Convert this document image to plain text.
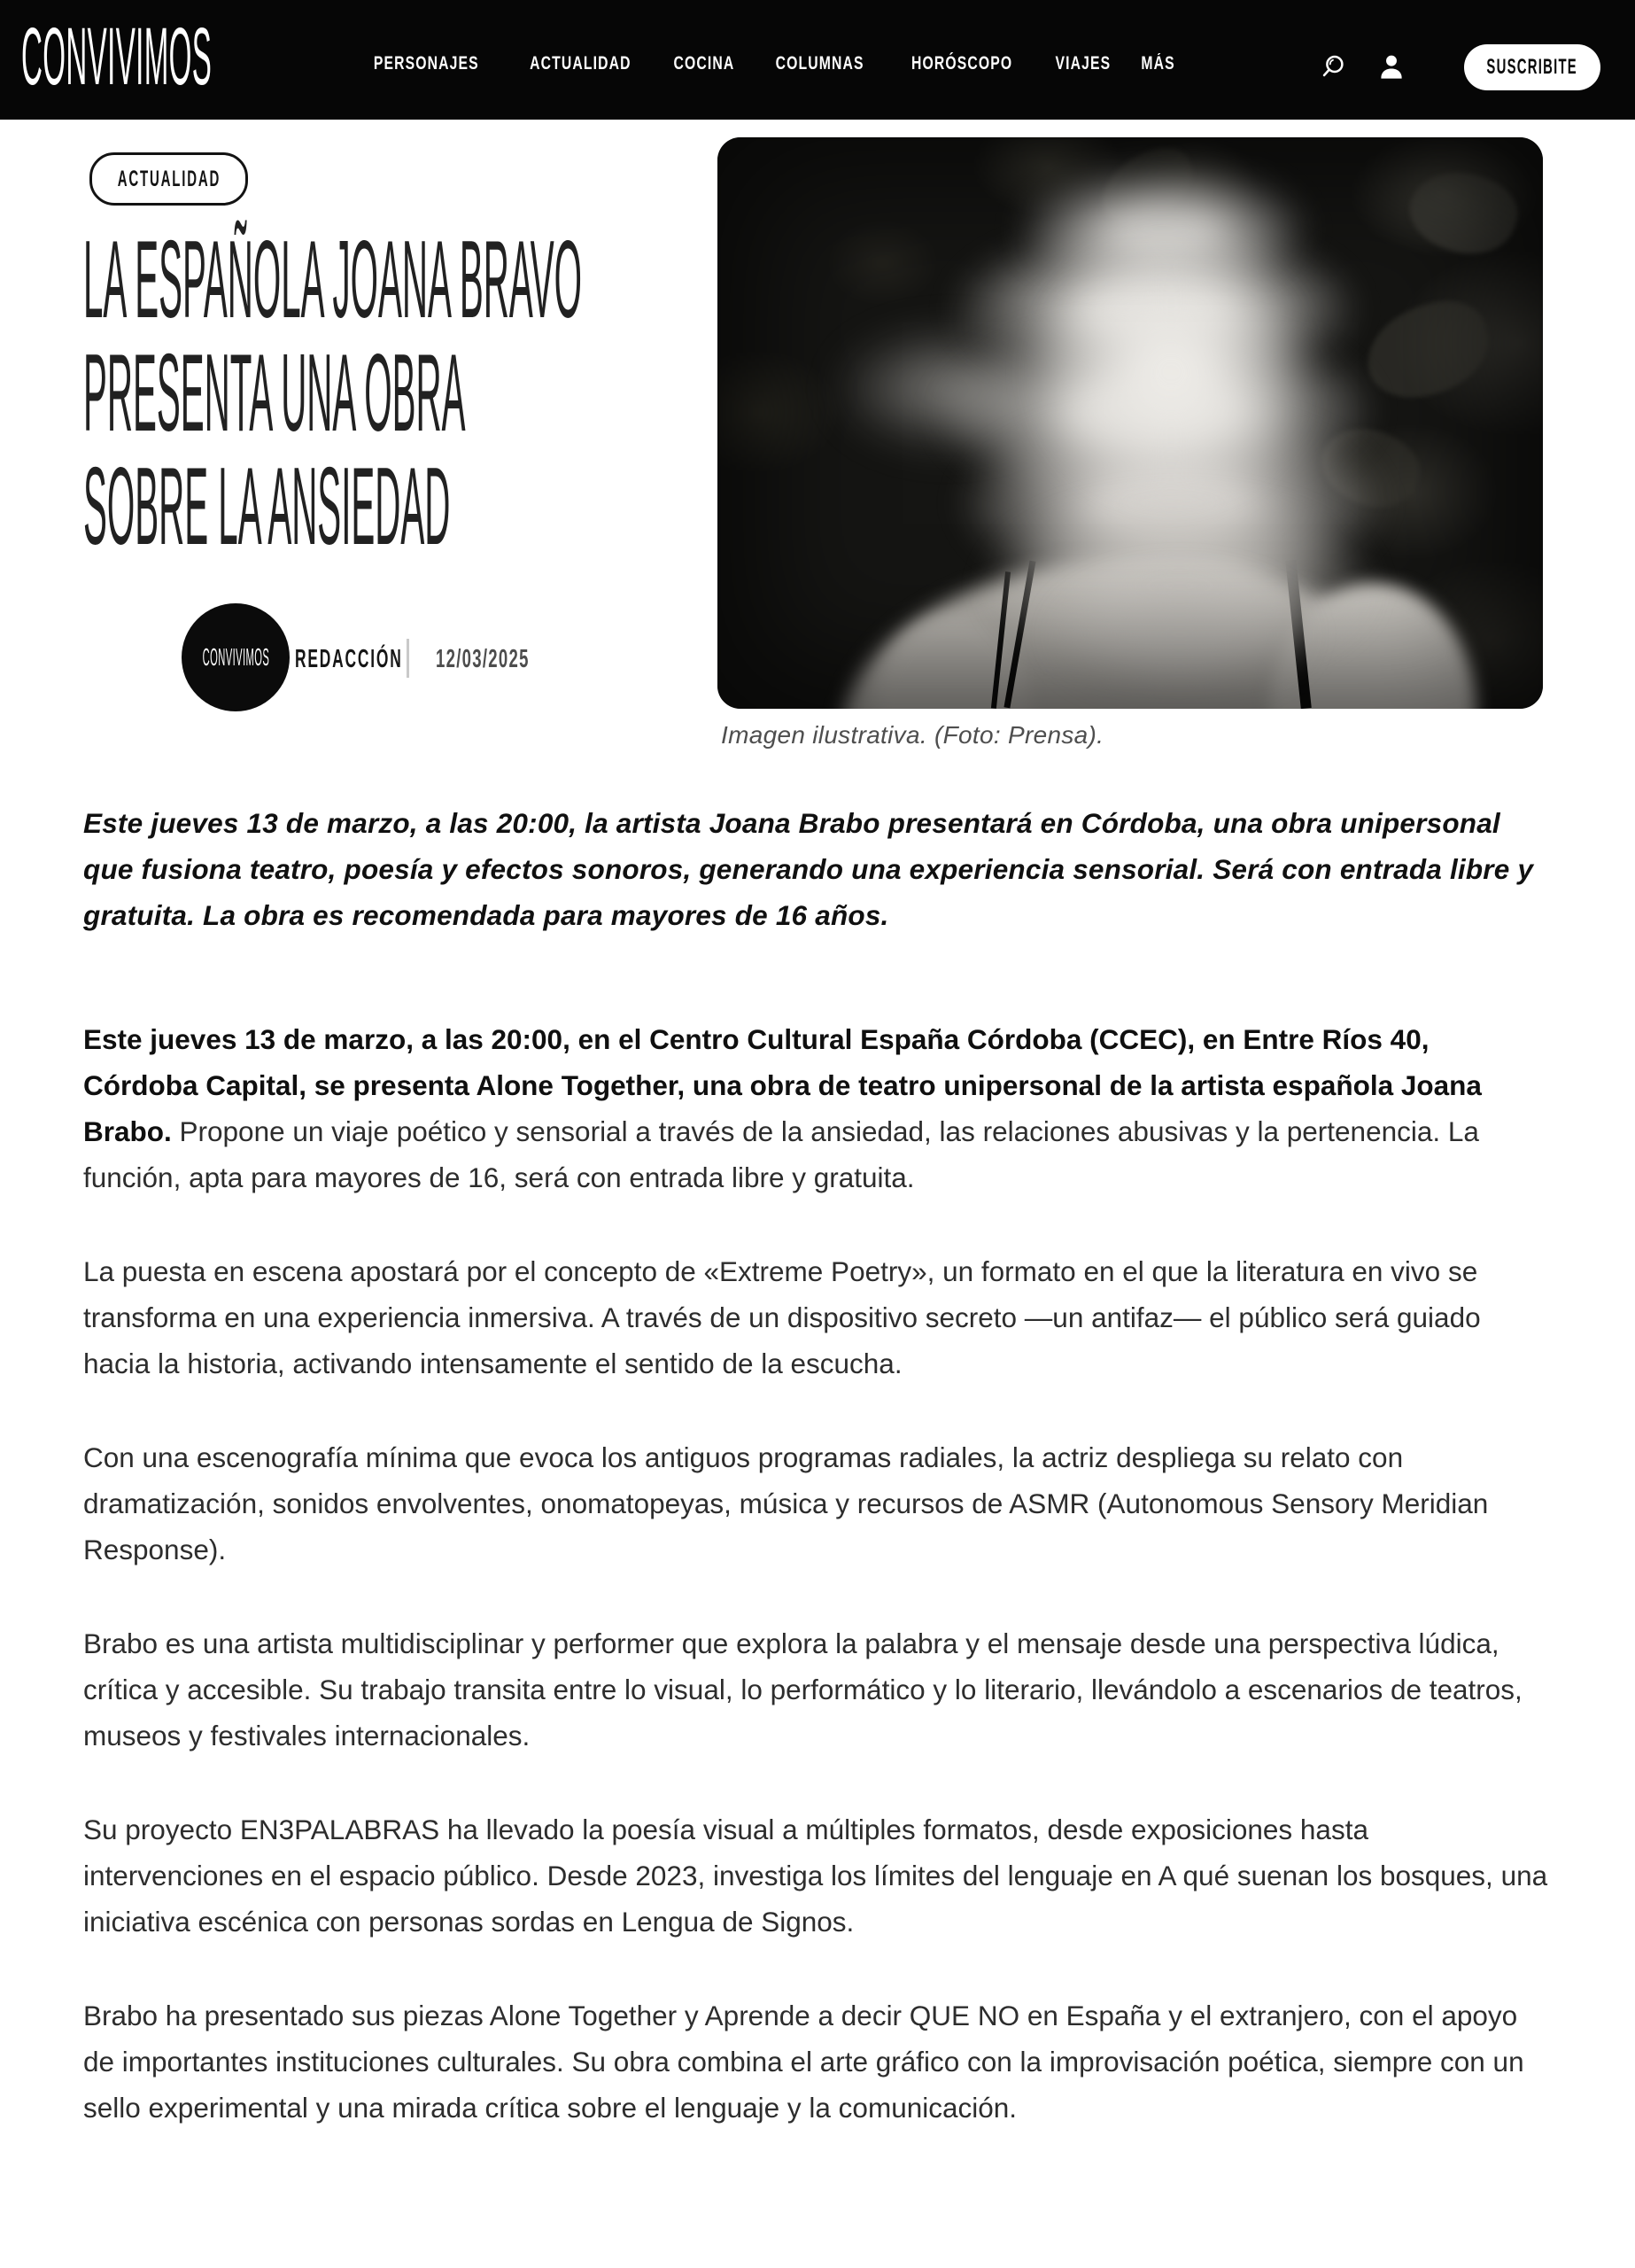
CONVIVIMOS	PERSONAJES	ACTUALIDAD	COCINA	COLUMNAS	HORÓSCOPO	VIAJES	MÁS	SUSCRIBITE
ACTUALIDAD
LA ESPAÑOLA JOANA BRAVO
PRESENTA UNA OBRA
SOBRE LA ANSIEDAD
CONVIVIMOS REDACCIÓN 12/03/2025
Imagen ilustrativa. (Foto: Prensa).

Este jueves 13 de marzo, a las 20:00, la artista Joana Brabo presentará en Córdoba, una obra unipersonal que fusiona teatro, poesía y efectos sonoros, generando una experiencia sensorial. Será con entrada libre y gratuita. La obra es recomendada para mayores de 16 años.

Este jueves 13 de marzo, a las 20:00, en el Centro Cultural España Córdoba (CCEC), en Entre Ríos 40, Córdoba Capital, se presenta Alone Together, una obra de teatro unipersonal de la artista española Joana Brabo. Propone un viaje poético y sensorial a través de la ansiedad, las relaciones abusivas y la pertenencia. La función, apta para mayores de 16, será con entrada libre y gratuita.

La puesta en escena apostará por el concepto de «Extreme Poetry», un formato en el que la literatura en vivo se transforma en una experiencia inmersiva. A través de un dispositivo secreto —un antifaz— el público será guiado hacia la historia, activando intensamente el sentido de la escucha.

Con una escenografía mínima que evoca los antiguos programas radiales, la actriz despliega su relato con dramatización, sonidos envolventes, onomatopeyas, música y recursos de ASMR (Autonomous Sensory Meridian Response).

Brabo es una artista multidisciplinar y performer que explora la palabra y el mensaje desde una perspectiva lúdica, crítica y accesible. Su trabajo transita entre lo visual, lo performático y lo literario, llevándolo a escenarios de teatros, museos y festivales internacionales.

Su proyecto EN3PALABRAS ha llevado la poesía visual a múltiples formatos, desde exposiciones hasta intervenciones en el espacio público. Desde 2023, investiga los límites del lenguaje en A qué suenan los bosques, una iniciativa escénica con personas sordas en Lengua de Signos.

Brabo ha presentado sus piezas Alone Together y Aprende a decir QUE NO en España y el extranjero, con el apoyo de importantes instituciones culturales. Su obra combina el arte gráfico con la improvisación poética, siempre con un sello experimental y una mirada crítica sobre el lenguaje y la comunicación.
